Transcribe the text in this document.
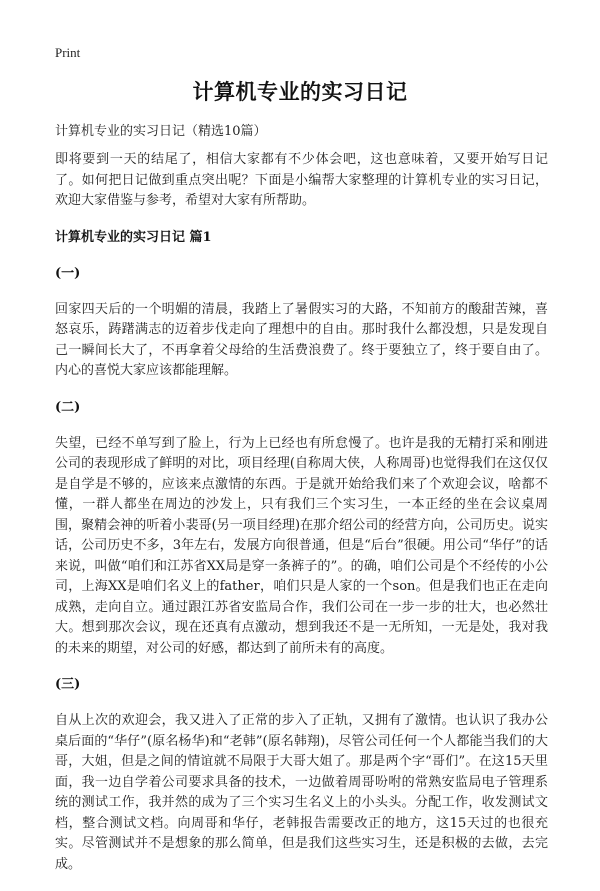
Print
计算机专业的实习日记
计算机专业的实习日记（精选10篇）

即将要到一天的结尾了，相信大家都有不少体会吧，这也意味着，又要开始写日记了。如何把日记做到重点突出呢？下面是小编帮大家整理的计算机专业的实习日记，欢迎大家借鉴与参考，希望对大家有所帮助。

计算机专业的实习日记 篇1

(一)

回家四天后的一个明媚的清晨，我踏上了暑假实习的大路，不知前方的酸甜苦辣，喜怒哀乐，踌躇满志的迈着步伐走向了理想中的自由。那时我什么都没想，只是发现自己一瞬间长大了，不再拿着父母给的生活费浪费了。终于要独立了，终于要自由了。内心的喜悦大家应该都能理解。

(二)

失望，已经不单写到了脸上，行为上已经也有所怠慢了。也许是我的无精打采和刚进公司的表现形成了鲜明的对比，项目经理(自称周大侠，人称周哥)也觉得我们在这仅仅是自学是不够的，应该来点激情的东西。于是就开始给我们来了个欢迎会议，啥都不懂，一群人都坐在周边的沙发上，只有我们三个实习生，一本正经的坐在会议桌周围，聚精会神的听着小裴哥(另一项目经理)在那介绍公司的经营方向，公司历史。说实话，公司历史不多，3年左右，发展方向很普通，但是“后台”很硬。用公司“华仔”的话来说，叫做“咱们和江苏省XX局是穿一条裤子的”。的确，咱们公司是个不经传的小公司，上海XX是咱们名义上的father，咱们只是人家的一个son。但是我们也正在走向成熟，走向自立。通过跟江苏省安监局合作，我们公司在一步一步的壮大，也必然壮大。想到那次会议，现在还真有点激动，想到我还不是一无所知，一无是处，我对我的未来的期望，对公司的好感，都达到了前所未有的高度。

(三)

自从上次的欢迎会，我又进入了正常的步入了正轨，又拥有了激情。也认识了我办公桌后面的“华仔”(原名杨华)和“老韩”(原名韩翔)，尽管公司任何一个人都能当我们的大哥，大姐，但是之间的情谊就不局限于大哥大姐了。那是两个字“哥们”。在这15天里面，我一边自学着公司要求具备的技术，一边做着周哥吩咐的常熟安监局电子管理系统的测试工作，我并然的成为了三个实习生名义上的小头头。分配工作，收发测试文档，整合测试文档。向周哥和华仔，老韩报告需要改正的地方，这15天过的也很充实。尽管测试并不是想象的那么简单，但是我们这些实习生，还是积极的去做，去完成。
